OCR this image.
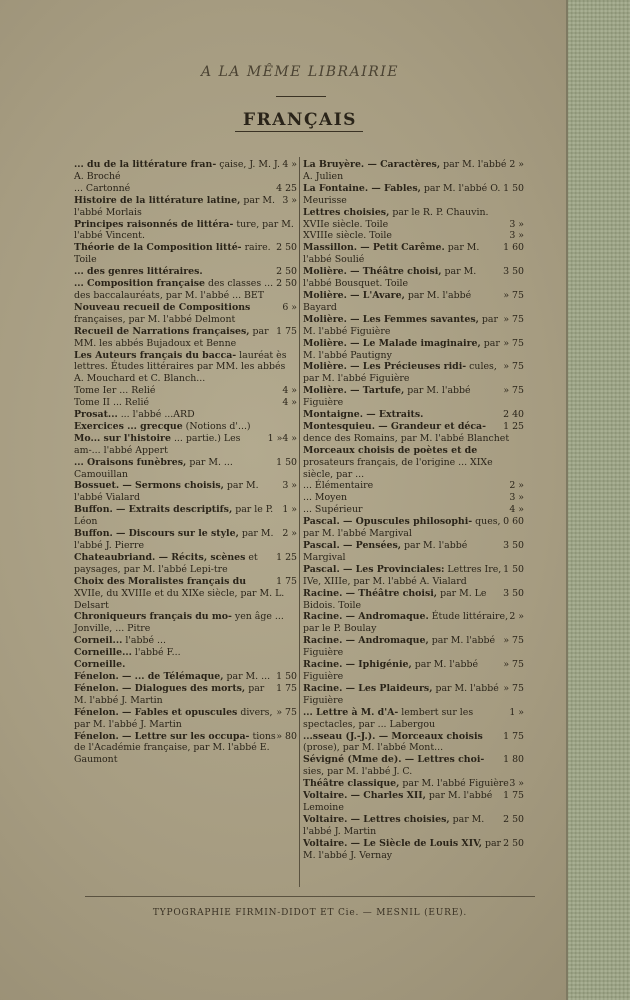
A LA MÊME LIBRAIRIE
FRANÇAIS

4 »
... du de la littérature fran- çaise, J. M. J. A. Broché

4 25
... Cartonné

3 »
Histoire de la littérature latine, par M. l'abbé Morlais

Principes raisonnés de littéra- ture, par M. l'abbé Vincent.

2 50
Théorie de la Composition litté- raire. Toile

2 50
... des genres littéraires.

2 50
... Composition française des classes ... des baccalauréats, par M. l'abbé ... BET

6 »
Nouveau recueil de Compositions françaises, par M. l'abbé Delmont

1 75
Recueil de Narrations françaises, par MM. les abbés Bujadoux et Benne

Les Auteurs français du bacca- lauréat ès lettres. Études littéraires par MM. les abbés A. Mouchard et C. Blanch...

4 »
Tome Ier ... Relié

4 »
Tome II ... Relié

Prosat... ... l'abbé ...ARD

Exercices ... grecque (Notions d'...)

4 »

1 »
Mo... sur l'histoire ... partie.) Les am-... l'abbé Appert

1 50
... Oraisons funèbres, par M. ... Camouillan

3 »
Bossuet. — Sermons choisis, par M. l'abbé Vialard

1 »
Buffon. — Extraits descriptifs, par le P. Léon

2 »
Buffon. — Discours sur le style, par M. l'abbé J. Pierre

1 25
Chateaubriand. — Récits, scènes et paysages, par M. l'abbé Lepi-tre

1 75
Choix des Moralistes français du XVIIe, du XVIIIe et du XIXe siècle, par M. L. Delsart

Chroniqueurs français du mo- yen âge ... Jonville, ... Pitre

Corneil... l'abbé ...

Corneille... l'abbé F...

Corneille.

1 50
Fénelon. — ... de Télémaque, par M. ...

1 75
Fénelon. — Dialogues des morts, par M. l'abbé J. Martin

» 75
Fénelon. — Fables et opuscules divers, par M. l'abbé J. Martin

» 80
Fénelon. — Lettre sur les occupa- tions de l'Académie française, par M. l'abbé E. Gaumont

2 »
La Bruyère. — Caractères, par M. l'abbé A. Julien

1 50
La Fontaine. — Fables, par M. l'abbé O. Meurisse

Lettres choisies, par le R. P. Chauvin.

3 »
XVIIe siècle. Toile

3 »
XVIIIe siècle. Toile

1 60
Massillon. — Petit Carême. par M. l'abbé Soulié

3 50
Molière. — Théâtre choisi, par M. l'abbé Bousquet. Toile

» 75
Molière. — L'Avare, par M. l'abbé Bayard

» 75
Molière. — Les Femmes savantes, par M. l'abbé Figuière

» 75
Molière. — Le Malade imaginaire, par M. l'abbé Pautigny

» 75
Molière. — Les Précieuses ridi- cules, par M. l'abbé Figuière

» 75
Molière. — Tartufe, par M. l'abbé Figuière

2 40
Montaigne. — Extraits.

1 25
Montesquieu. — Grandeur et déca- dence des Romains, par M. l'abbé Blanchet

Morceaux choisis de poètes et de prosateurs français, de l'origine ... XIXe siècle, par ...

2 »
... Élémentaire

3 »
... Moyen

4 »
... Supérieur

0 60
Pascal. — Opuscules philosophi- ques, par M. l'abbé Margival

3 50
Pascal. — Pensées, par M. l'abbé Margival

1 50
Pascal. — Les Provinciales: Lettres Ire, IVe, XIIIe, par M. l'abbé A. Vialard

3 50
Racine. — Théâtre choisi, par M. Le Bidois. Toile

2 »
Racine. — Andromaque. Étude littéraire, par le P. Boulay

» 75
Racine. — Andromaque, par M. l'abbé Figuière

» 75
Racine. — Iphigénie, par M. l'abbé Figuière

» 75
Racine. — Les Plaideurs, par M. l'abbé Figuière

1 »
... Lettre à M. d'A- lembert sur les spectacles, par ... Labergou

1 75
...sseau (J.-J.). — Morceaux choisis (prose), par M. l'abbé Mont...

1 80
Sévigné (Mme de). — Lettres choi- sies, par M. l'abbé J. C.

3 »
Théâtre classique, par M. l'abbé Figuière

1 75
Voltaire. — Charles XII, par M. l'abbé Lemoine

2 50
Voltaire. — Lettres choisies, par M. l'abbé J. Martin

2 50
Voltaire. — Le Siècle de Louis XIV, par M. l'abbé J. Vernay

TYPOGRAPHIE FIRMIN-DIDOT ET Cie. — MESNIL (EURE).
